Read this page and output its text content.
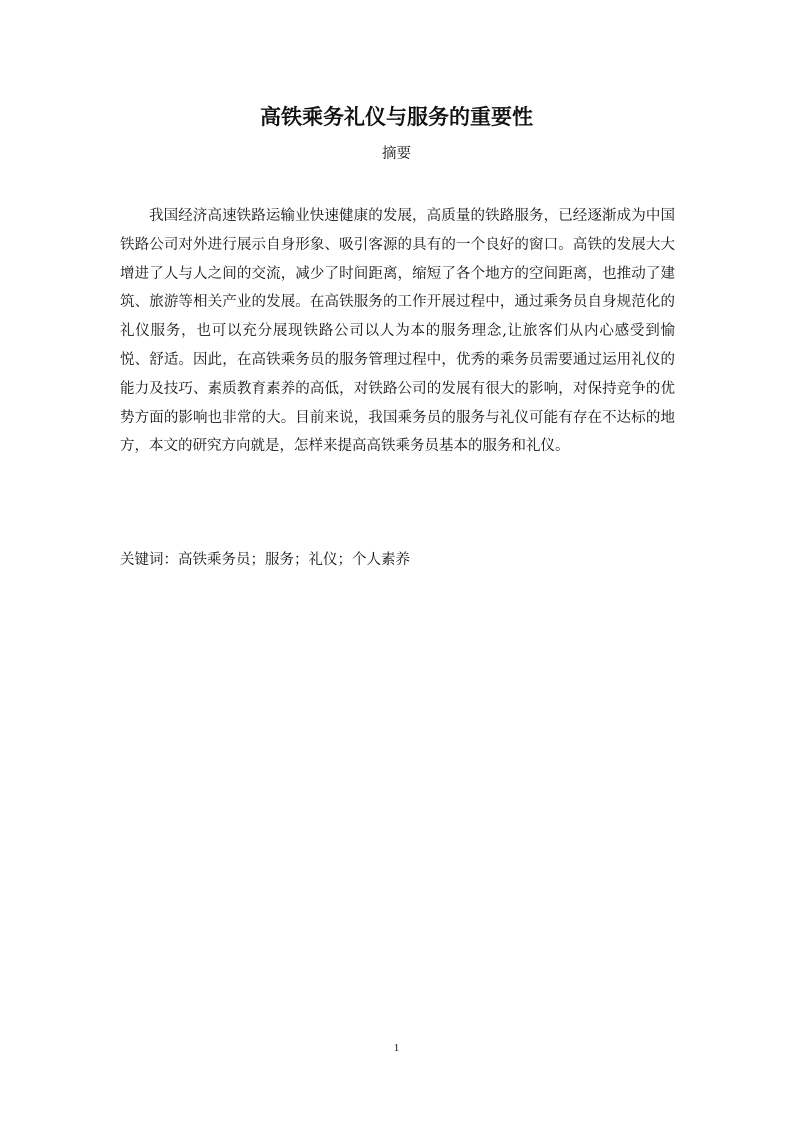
高铁乘务礼仪与服务的重要性
摘要

我国经济高速铁路运输业快速健康的发展，高质量的铁路服务，已经逐渐成为中国铁路公司对外进行展示自身形象、吸引客源的具有的一个良好的窗口。高铁的发展大大增进了人与人之间的交流，减少了时间距离，缩短了各个地方的空间距离，也推动了建筑、旅游等相关产业的发展。在高铁服务的工作开展过程中，通过乘务员自身规范化的礼仪服务，也可以充分展现铁路公司以人为本的服务理念,让旅客们从内心感受到愉悦、舒适。因此，在高铁乘务员的服务管理过程中，优秀的乘务员需要通过运用礼仪的能力及技巧、素质教育素养的高低，对铁路公司的发展有很大的影响，对保持竞争的优势方面的影响也非常的大。目前来说，我国乘务员的服务与礼仪可能有存在不达标的地方，本文的研究方向就是，怎样来提高高铁乘务员基本的服务和礼仪。

关键词：高铁乘务员；服务；礼仪；个人素养
1
